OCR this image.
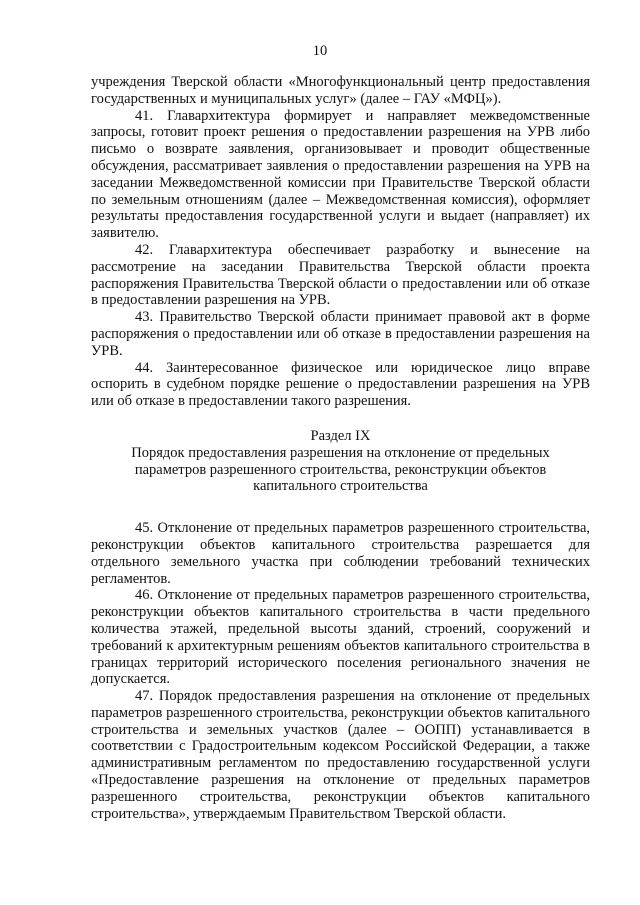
10

учреждения Тверской области «Многофункциональный центр предоставления государственных и муниципальных услуг» (далее – ГАУ «МФЦ»).

41. Главархитектура формирует и направляет межведомственные запросы, готовит проект решения о предоставлении разрешения на УРВ либо письмо о возврате заявления, организовывает и проводит общественные обсуждения, рассматривает заявления о предоставлении разрешения на УРВ на заседании Межведомственной комиссии при Правительстве Тверской области по земельным отношениям (далее – Межведомственная комиссия), оформляет результаты предоставления государственной услуги и выдает (направляет) их заявителю.

42. Главархитектура обеспечивает разработку и вынесение на рассмотрение на заседании Правительства Тверской области проекта распоряжения Правительства Тверской области о предоставлении или об отказе в предоставлении разрешения на УРВ.

43. Правительство Тверской области принимает правовой акт в форме распоряжения о предоставлении или об отказе в предоставлении разрешения на УРВ.

44. Заинтересованное физическое или юридическое лицо вправе оспорить в судебном порядке решение о предоставлении разрешения на УРВ или об отказе в предоставлении такого разрешения.

Раздел IX

Порядок предоставления разрешения на отклонение от предельных параметров разрешенного строительства, реконструкции объектов капитального строительства

45. Отклонение от предельных параметров разрешенного строительства, реконструкции объектов капитального строительства разрешается для отдельного земельного участка при соблюдении требований технических регламентов.

46. Отклонение от предельных параметров разрешенного строительства, реконструкции объектов капитального строительства в части предельного количества этажей, предельной высоты зданий, строений, сооружений и требований к архитектурным решениям объектов капитального строительства в границах территорий исторического поселения регионального значения не допускается.

47. Порядок предоставления разрешения на отклонение от предельных параметров разрешенного строительства, реконструкции объектов капитального строительства и земельных участков (далее – ООПП) устанавливается в соответствии с Градостроительным кодексом Российской Федерации, а также административным регламентом по предоставлению государственной услуги «Предоставление разрешения на отклонение от предельных параметров разрешенного строительства, реконструкции объектов капитального строительства», утверждаемым Правительством Тверской области.
